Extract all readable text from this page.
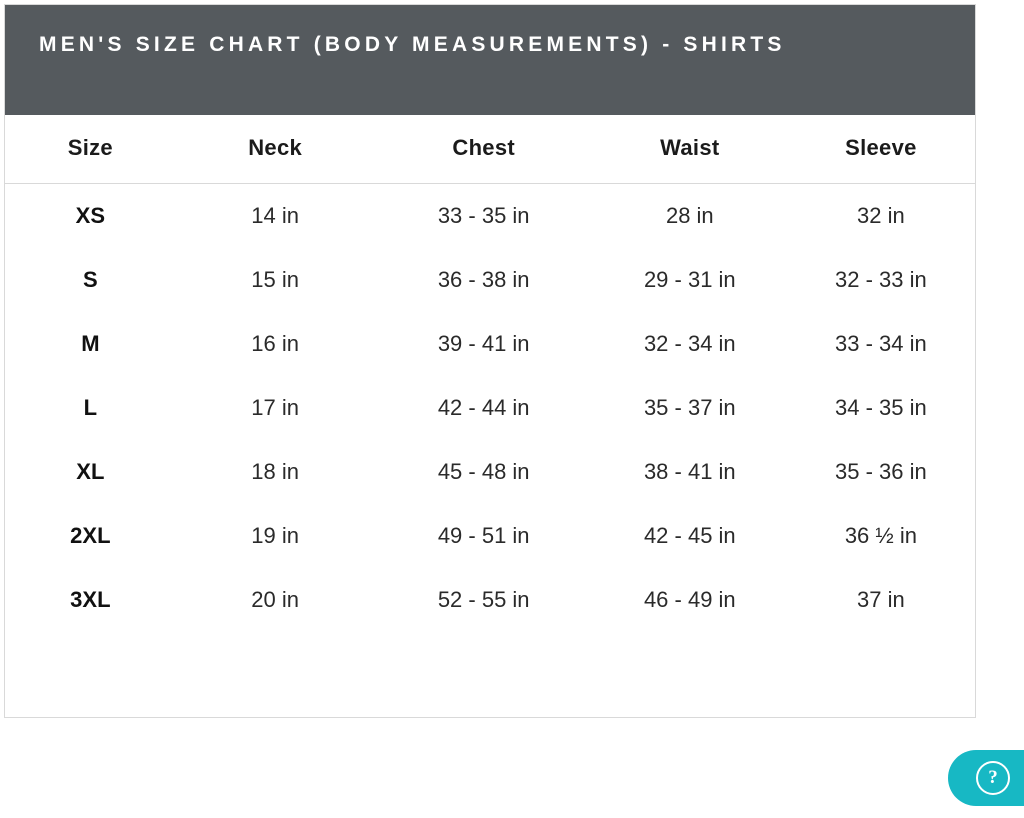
MEN'S SIZE CHART (BODY MEASUREMENTS) - SHIRTS
Size	Neck	Chest	Waist	Sleeve
XS	14 in	33 - 35 in	28 in	32 in
S	15 in	36 - 38 in	29 - 31 in	32 - 33 in
M	16 in	39 - 41 in	32 - 34 in	33 - 34 in
L	17 in	42 - 44 in	35 - 37 in	34 - 35 in
XL	18 in	45 - 48 in	38 - 41 in	35 - 36 in
2XL	19 in	49 - 51 in	42 - 45 in	36 ½ in
3XL	20 in	52 - 55 in	46 - 49 in	37 in
?
